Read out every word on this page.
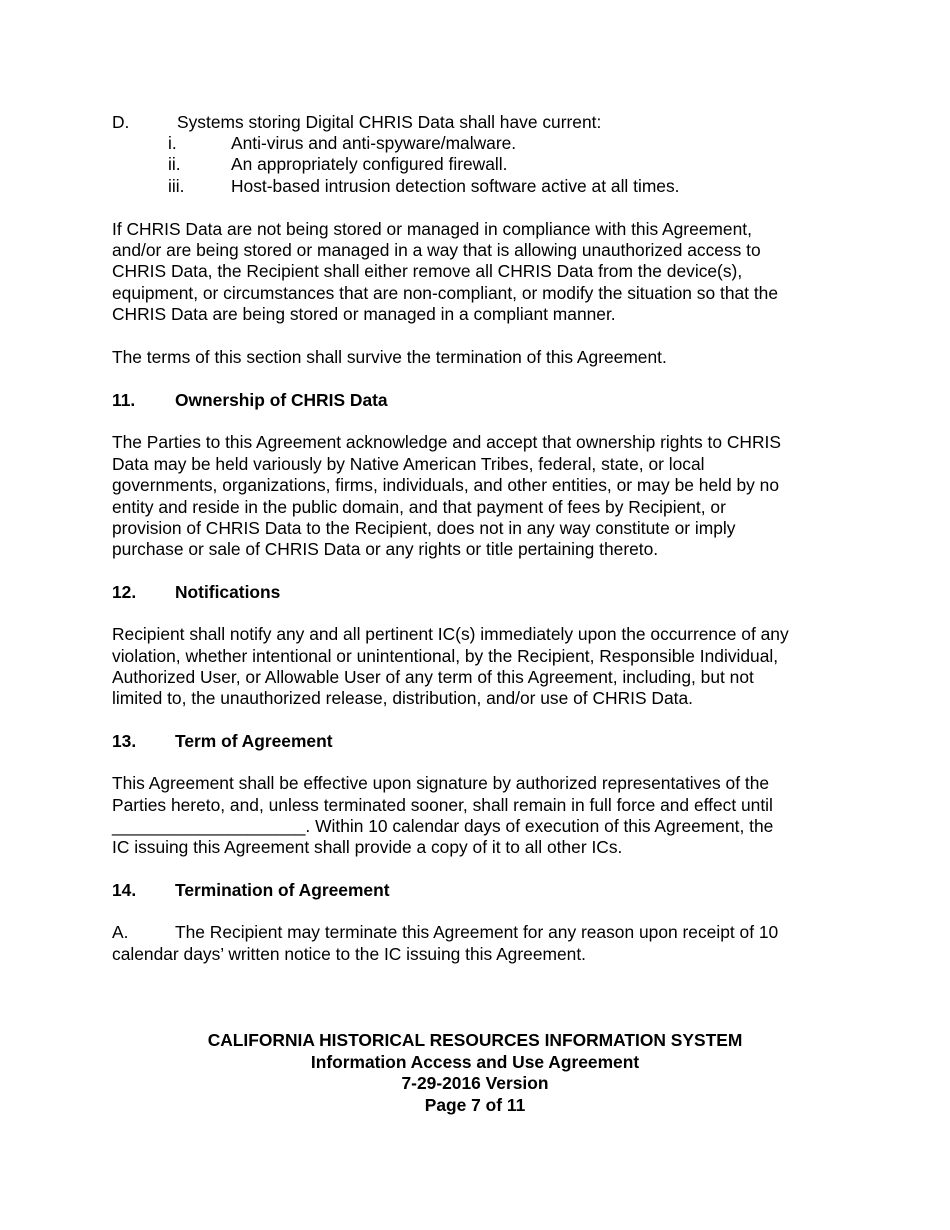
D.	Systems storing Digital CHRIS Data shall have current:
i.	Anti-virus and anti-spyware/malware.
ii.	An appropriately configured firewall.
iii.	Host-based intrusion detection software active at all times.
If CHRIS Data are not being stored or managed in compliance with this Agreement,
and/or are being stored or managed in a way that is allowing unauthorized access to
CHRIS Data, the Recipient shall either remove all CHRIS Data from the device(s),
equipment, or circumstances that are non-compliant, or modify the situation so that the
CHRIS Data are being stored or managed in a compliant manner.
The terms of this section shall survive the termination of this Agreement.
11. Ownership of CHRIS Data
The Parties to this Agreement acknowledge and accept that ownership rights to CHRIS
Data may be held variously by Native American Tribes, federal, state, or local
governments, organizations, firms, individuals, and other entities, or may be held by no
entity and reside in the public domain, and that payment of fees by Recipient, or
provision of CHRIS Data to the Recipient, does not in any way constitute or imply
purchase or sale of CHRIS Data or any rights or title pertaining thereto.
12. Notifications
Recipient shall notify any and all pertinent IC(s) immediately upon the occurrence of any
violation, whether intentional or unintentional, by the Recipient, Responsible Individual,
Authorized User, or Allowable User of any term of this Agreement, including, but not
limited to, the unauthorized release, distribution, and/or use of CHRIS Data.
13. Term of Agreement
This Agreement shall be effective upon signature by authorized representatives of the
Parties hereto, and, unless terminated sooner, shall remain in full force and effect until
____________________. Within 10 calendar days of execution of this Agreement, the
IC issuing this Agreement shall provide a copy of it to all other ICs.
14. Termination of Agreement
A.	The Recipient may terminate this Agreement for any reason upon receipt of 10
calendar days’ written notice to the IC issuing this Agreement.
CALIFORNIA HISTORICAL RESOURCES INFORMATION SYSTEM
Information Access and Use Agreement
7-29-2016 Version
Page 7 of 11
